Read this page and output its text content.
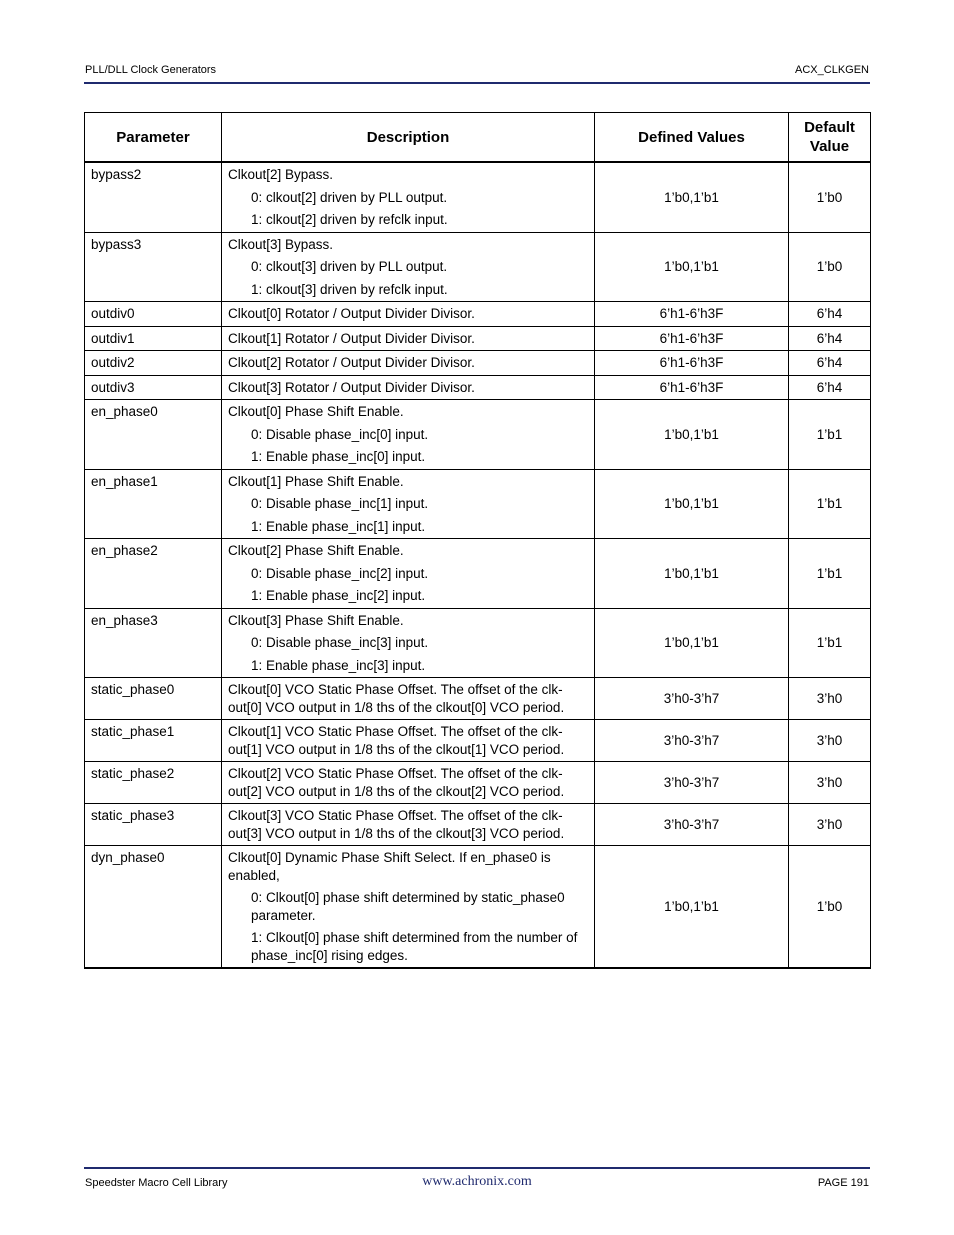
PLL/DLL Clock Generators	ACX_CLKGEN
Parameter	Description	Defined Values	Default Value
bypass2	Clkout[2] Bypass.
0: clkout[2] driven by PLL output.
1: clkout[2] driven by refclk input.	1’b0,1’b1	1’b0
bypass3	Clkout[3] Bypass.
0: clkout[3] driven by PLL output.
1: clkout[3] driven by refclk input.	1’b0,1’b1	1’b0
outdiv0	Clkout[0] Rotator / Output Divider Divisor.	6’h1-6’h3F	6’h4
outdiv1	Clkout[1] Rotator / Output Divider Divisor.	6’h1-6’h3F	6’h4
outdiv2	Clkout[2] Rotator / Output Divider Divisor.	6’h1-6’h3F	6’h4
outdiv3	Clkout[3] Rotator / Output Divider Divisor.	6’h1-6’h3F	6’h4
en_phase0	Clkout[0] Phase Shift Enable.
0: Disable phase_inc[0] input.
1: Enable phase_inc[0] input.	1’b0,1’b1	1’b1
en_phase1	Clkout[1] Phase Shift Enable.
0: Disable phase_inc[1] input.
1: Enable phase_inc[1] input.	1’b0,1’b1	1’b1
en_phase2	Clkout[2] Phase Shift Enable.
0: Disable phase_inc[2] input.
1: Enable phase_inc[2] input.	1’b0,1’b1	1’b1
en_phase3	Clkout[3] Phase Shift Enable.
0: Disable phase_inc[3] input.
1: Enable phase_inc[3] input.	1’b0,1’b1	1’b1
static_phase0	Clkout[0] VCO Static Phase Offset. The offset of the clk-out[0] VCO output in 1/8 ths of the clkout[0] VCO period.	3’h0-3’h7	3’h0
static_phase1	Clkout[1] VCO Static Phase Offset. The offset of the clk-out[1] VCO output in 1/8 ths of the clkout[1] VCO period.	3’h0-3’h7	3’h0
static_phase2	Clkout[2] VCO Static Phase Offset. The offset of the clk-out[2] VCO output in 1/8 ths of the clkout[2] VCO period.	3’h0-3’h7	3’h0
static_phase3	Clkout[3] VCO Static Phase Offset. The offset of the clk-out[3] VCO output in 1/8 ths of the clkout[3] VCO period.	3’h0-3’h7	3’h0
dyn_phase0	Clkout[0] Dynamic Phase Shift Select. If en_phase0 is enabled,
0: Clkout[0] phase shift determined by static_phase0 parameter.
1: Clkout[0] phase shift determined from the number of phase_inc[0] rising edges.	1’b0,1’b1	1’b0
Speedster Macro Cell Library	www.achronix.com	PAGE 191
